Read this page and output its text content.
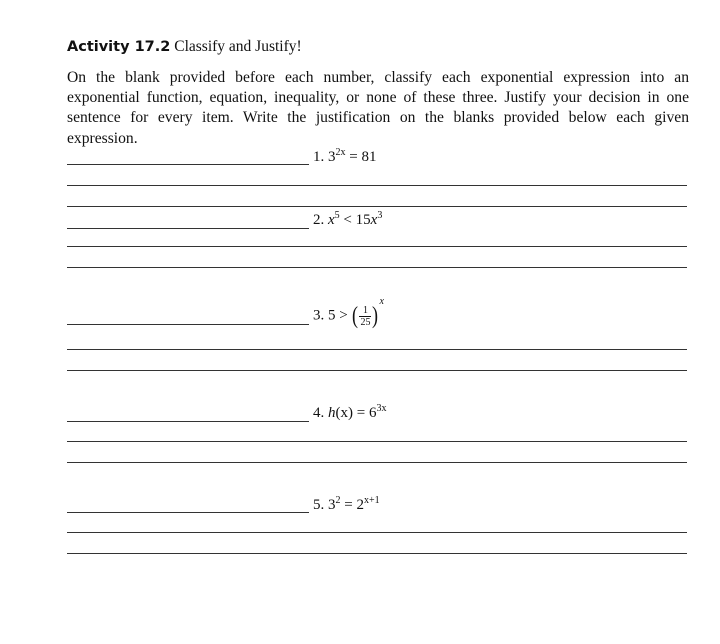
Activity 17.2 Classify and Justify!

On the blank provided before each number, classify each exponential expression into an exponential function, equation, inequality, or none of these three. Justify your decision in one sentence for every item. Write the justification on the blanks provided below each given expression.

1. $3^{2x} = 81$
2. $x^5 < 15x^3$
3. 5 > ( $\frac{1}{25} )^x$
4. $h(x) = 6^{3x}$
5. $3^2 = 2^{x+1}$
